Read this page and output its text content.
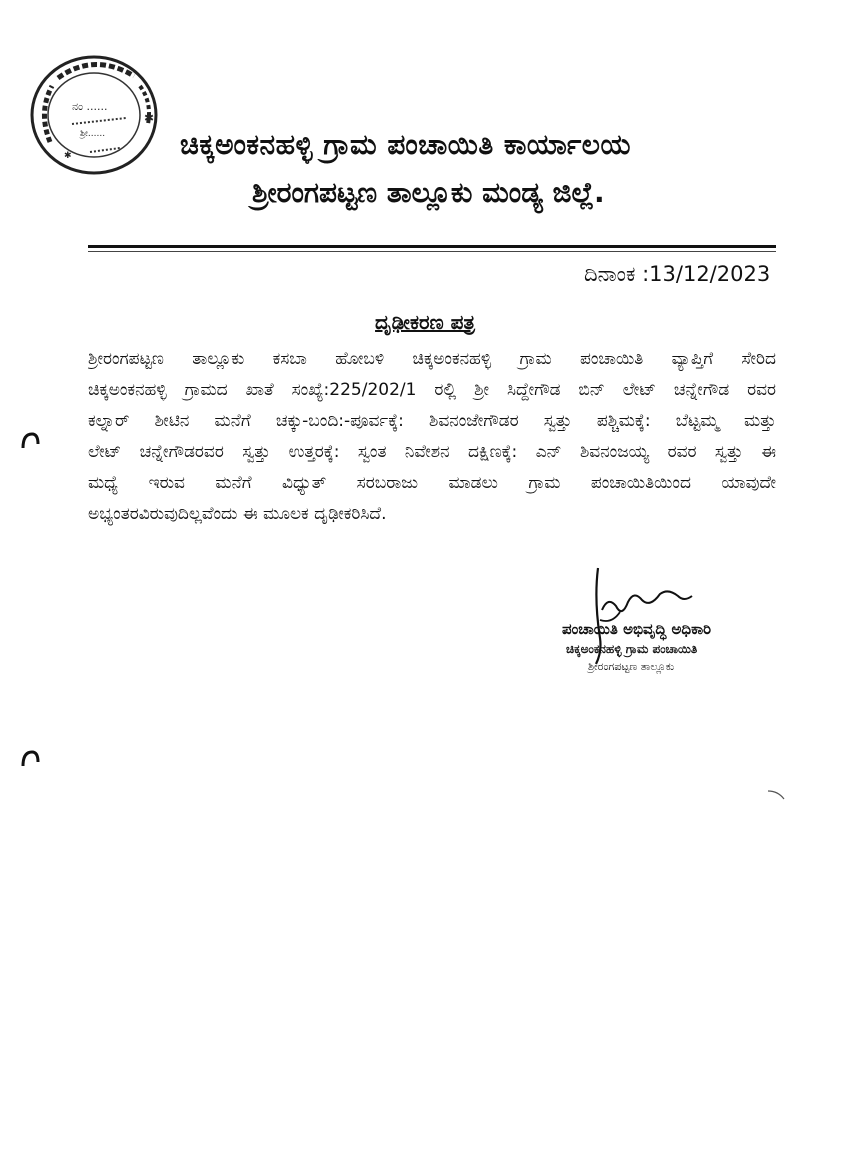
ನಂ ......
ಶ್ರೀ......
✱
✱	ಚಿಕ್ಕಅಂಕನಹಳ್ಳಿ ಗ್ರಾಮ ಪಂಚಾಯಿತಿ ಕಾರ್ಯಾಲಯ
ಶ್ರೀರಂಗಪಟ್ಟಣ ತಾಲ್ಲೂಕು ಮಂಡ್ಯ ಜಿಲ್ಲೆ.
ದಿನಾಂಕ :13/12/2023
ದೃಢೀಕರಣ ಪತ್ರ
ಶ್ರೀರಂಗಪಟ್ಟಣ ತಾಲ್ಲೂಕು ಕಸಬಾ ಹೋಬಳಿ ಚಿಕ್ಕಅಂಕನಹಳ್ಳಿ ಗ್ರಾಮ ಪಂಚಾಯಿತಿ ವ್ಯಾಪ್ತಿಗೆ ಸೇರಿದ
ಚಿಕ್ಕಅಂಕನಹಳ್ಳಿ ಗ್ರಾಮದ ಖಾತೆ ಸಂಖ್ಯೆ:225/202/1 ರಲ್ಲಿ ಶ್ರೀ ಸಿದ್ದೇಗೌಡ ಬಿನ್ ಲೇಟ್ ಚನ್ನೇಗೌಡ ರವರ
ಕಲ್ನಾರ್ ಶೀಟಿನ ಮನೆಗೆ ಚಕ್ಕು-ಬಂದಿ:-ಪೂರ್ವಕ್ಕೆ: ಶಿವನಂಜೇಗೌಡರ ಸ್ವತ್ತು ಪಶ್ಚಿಮಕ್ಕೆ: ಬೆಟ್ಟಮ್ಮ ಮತ್ತು
ಲೇಟ್ ಚನ್ನೇಗೌಡರವರ ಸ್ವತ್ತು ಉತ್ತರಕ್ಕೆ: ಸ್ವಂತ ನಿವೇಶನ ದಕ್ಷಿಣಕ್ಕೆ: ಎನ್ ಶಿವನಂಜಯ್ಯ ರವರ ಸ್ವತ್ತು ಈ
ಮಧ್ಯೆ ಇರುವ ಮನೆಗೆ ವಿಧ್ಯುತ್ ಸರಬರಾಜು ಮಾಡಲು ಗ್ರಾಮ ಪಂಚಾಯಿತಿಯಿಂದ ಯಾವುದೇ
ಅಭ್ಯಂತರವಿರುವುದಿಲ್ಲವೆಂದು ಈ ಮೂಲಕ ದೃಢೀಕರಿಸಿದೆ.
ಪಂಚಾಯಿತಿ ಅಭಿವೃದ್ಧಿ ಅಧಿಕಾರಿ
ಚಿಕ್ಕಅಂಕನಹಳ್ಳಿ ಗ್ರಾಮ ಪಂಚಾಯಿತಿ
ಶ್ರೀರಂಗಪಟ್ಟಣ ತಾಲ್ಲೂಕು
